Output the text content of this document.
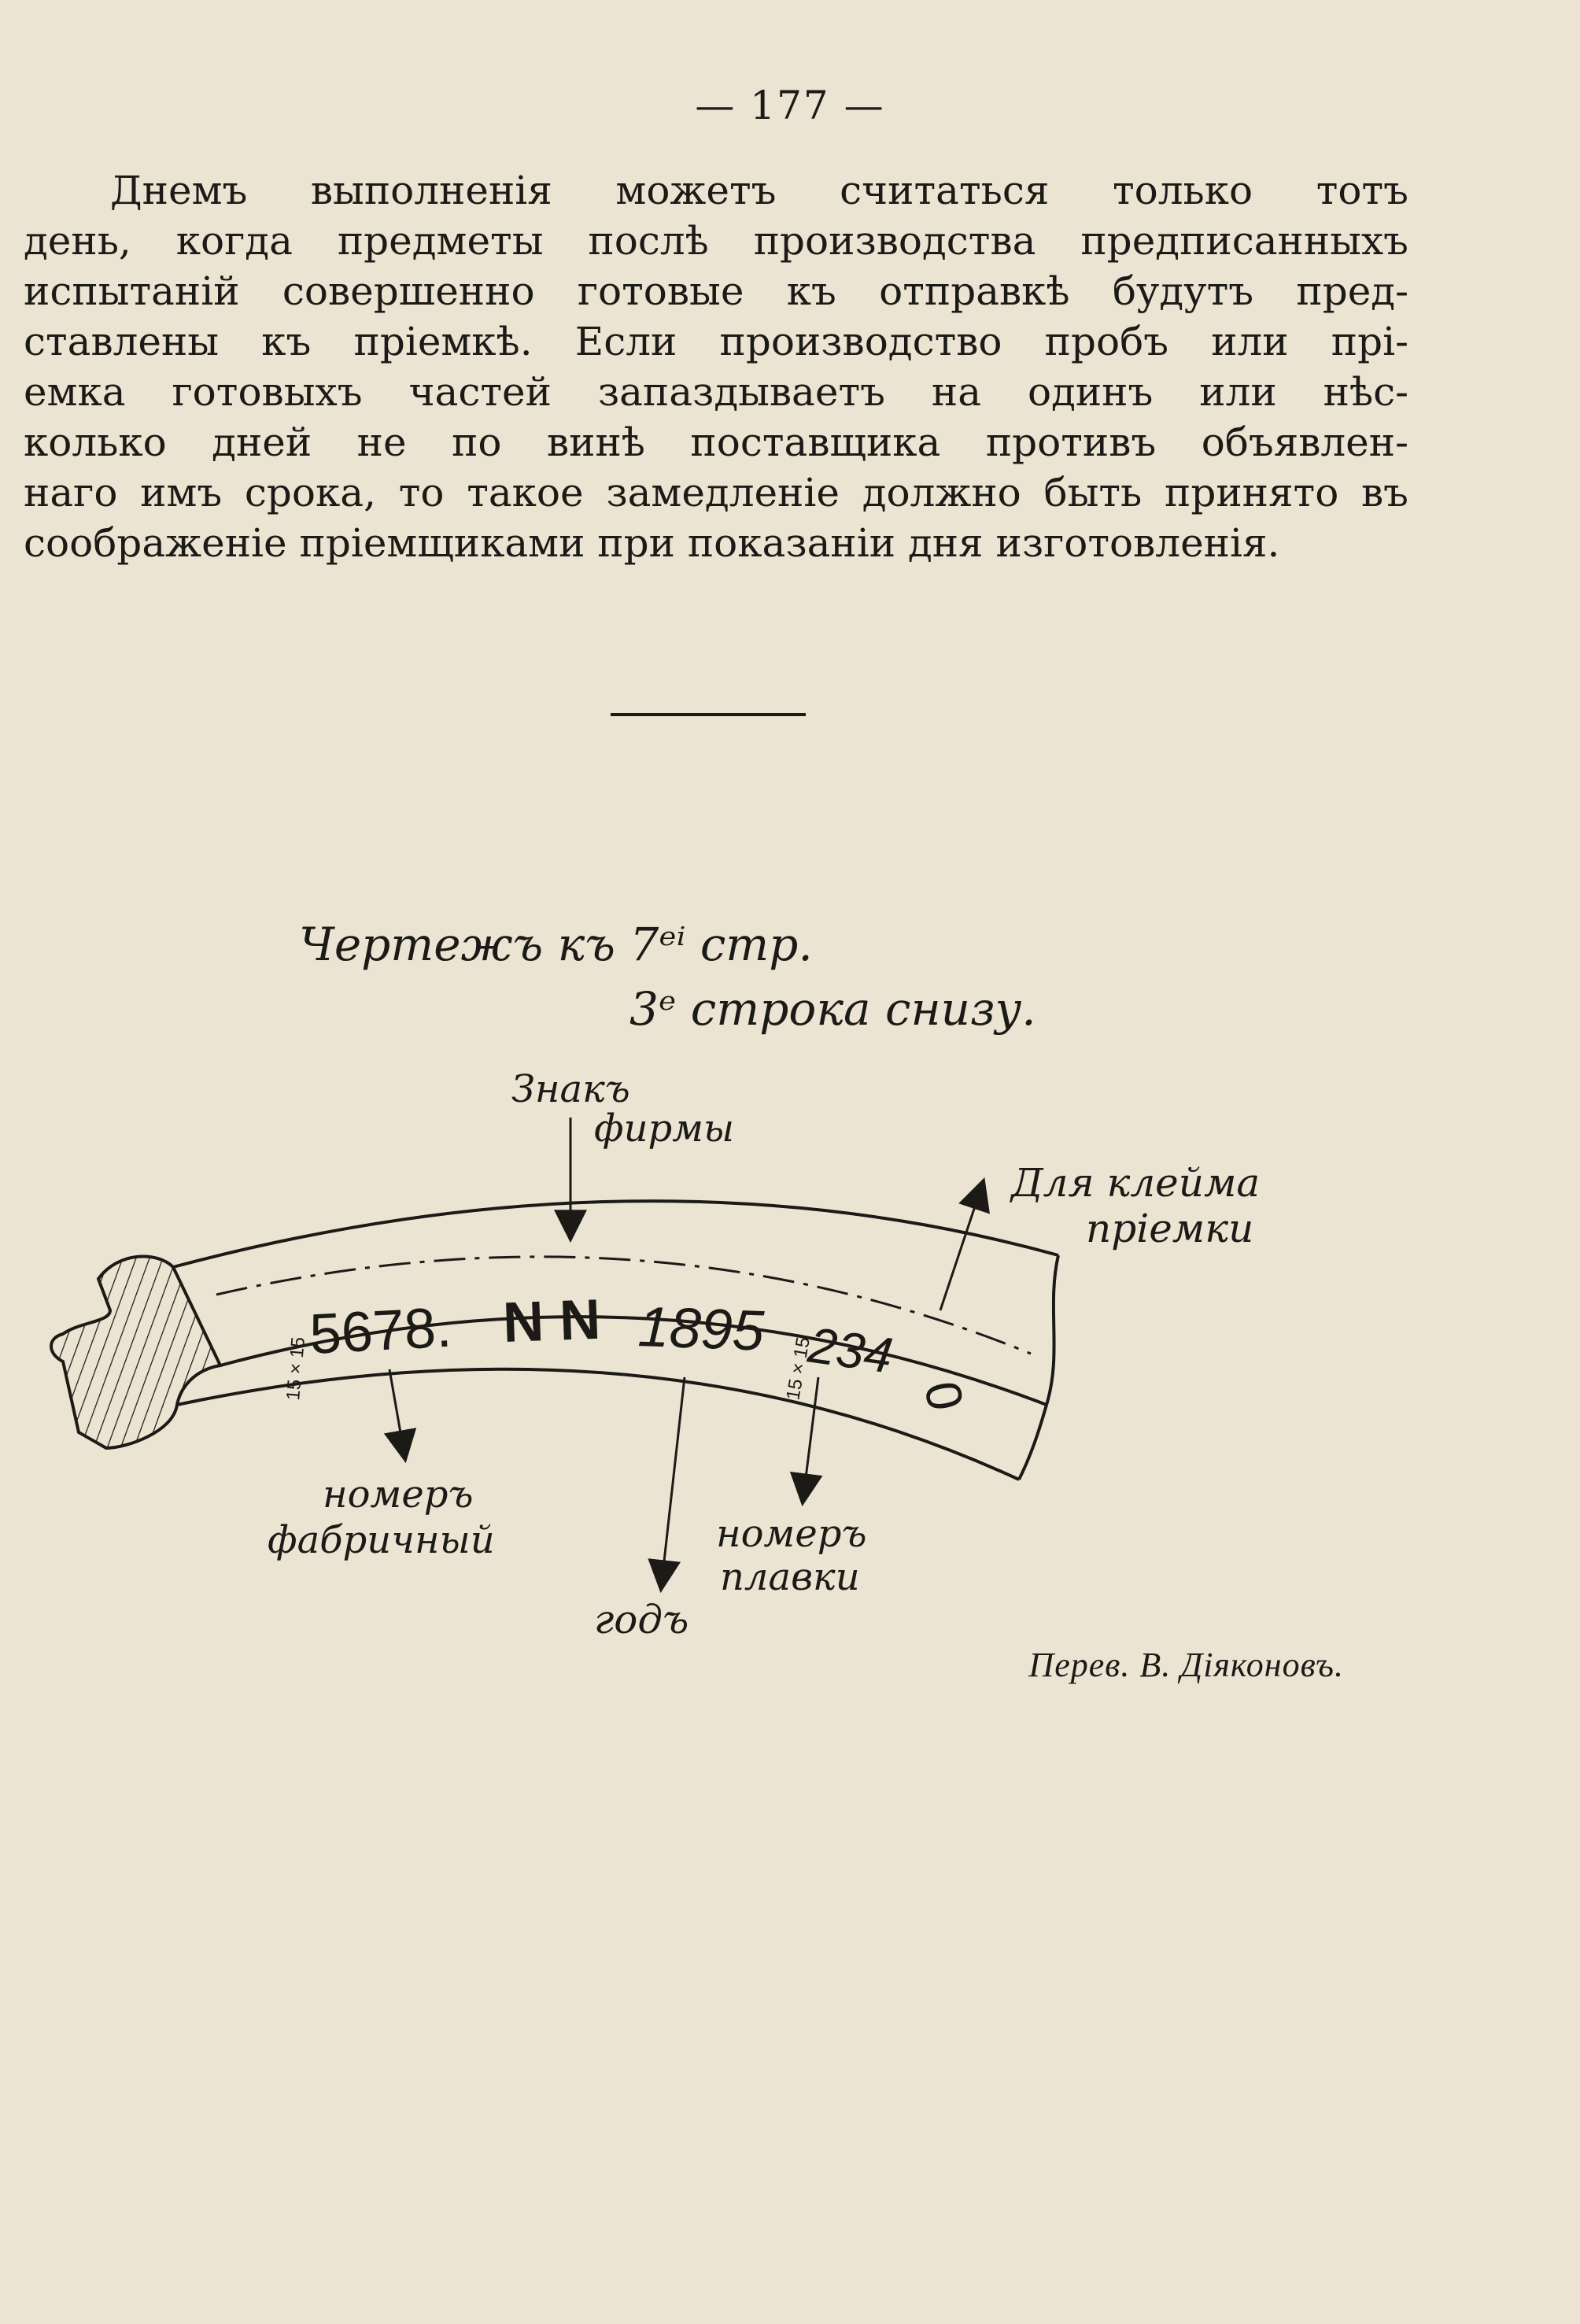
— 177 —
Днемъ выполненія можетъ считаться только тотъ
день, когда предметы послѣ производства предписанныхъ
испытаній совершенно готовые къ отправкѣ будутъ пред-
ставлены къ пріемкѣ. Если производство пробъ или прі-
емка готовыхъ частей запаздываетъ на одинъ или нѣс-
колько дней не по винѣ поставщика противъ объявлен-
наго имъ срока, то такое замедленіе должно быть принято въ
соображеніе пріемщиками при показаніи дня изготовленія.
Чертежъ къ 7ᵉⁱ стр.
3ᵉ строка снизу.
Знакъ
фирмы
Для клейма
пріемки
5678. N N 1895 234
0
15 × 15	15 × 15
номеръ
фабричный
годъ
номеръ
плавки
Перев. В. Діяконовъ.
